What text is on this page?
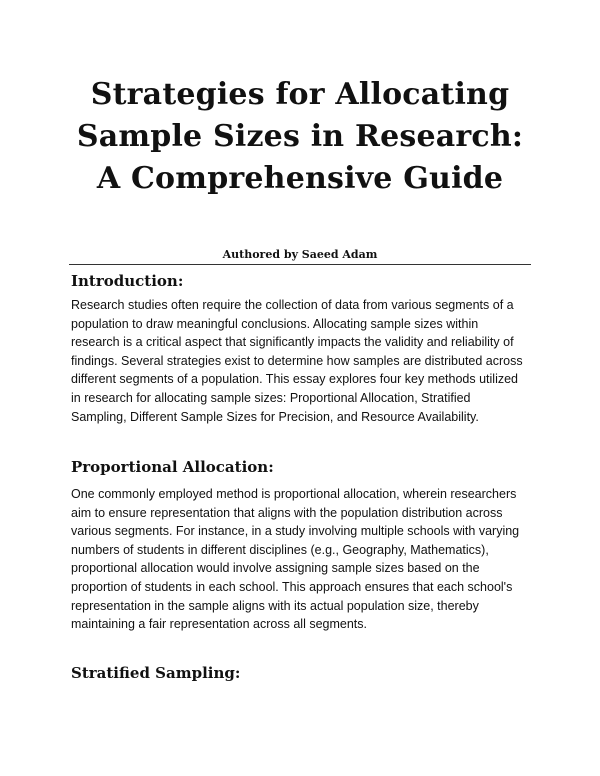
Strategies for Allocating
Sample Sizes in Research:
A Comprehensive Guide
Authored by Saeed Adam
Introduction:
Research studies often require the collection of data from various segments of a
population to draw meaningful conclusions. Allocating sample sizes within
research is a critical aspect that significantly impacts the validity and reliability of
findings. Several strategies exist to determine how samples are distributed across
different segments of a population. This essay explores four key methods utilized
in research for allocating sample sizes: Proportional Allocation, Stratified
Sampling, Different Sample Sizes for Precision, and Resource Availability.
Proportional Allocation:
One commonly employed method is proportional allocation, wherein researchers
aim to ensure representation that aligns with the population distribution across
various segments. For instance, in a study involving multiple schools with varying
numbers of students in different disciplines (e.g., Geography, Mathematics),
proportional allocation would involve assigning sample sizes based on the
proportion of students in each school. This approach ensures that each school's
representation in the sample aligns with its actual population size, thereby
maintaining a fair representation across all segments.
Stratified Sampling:
